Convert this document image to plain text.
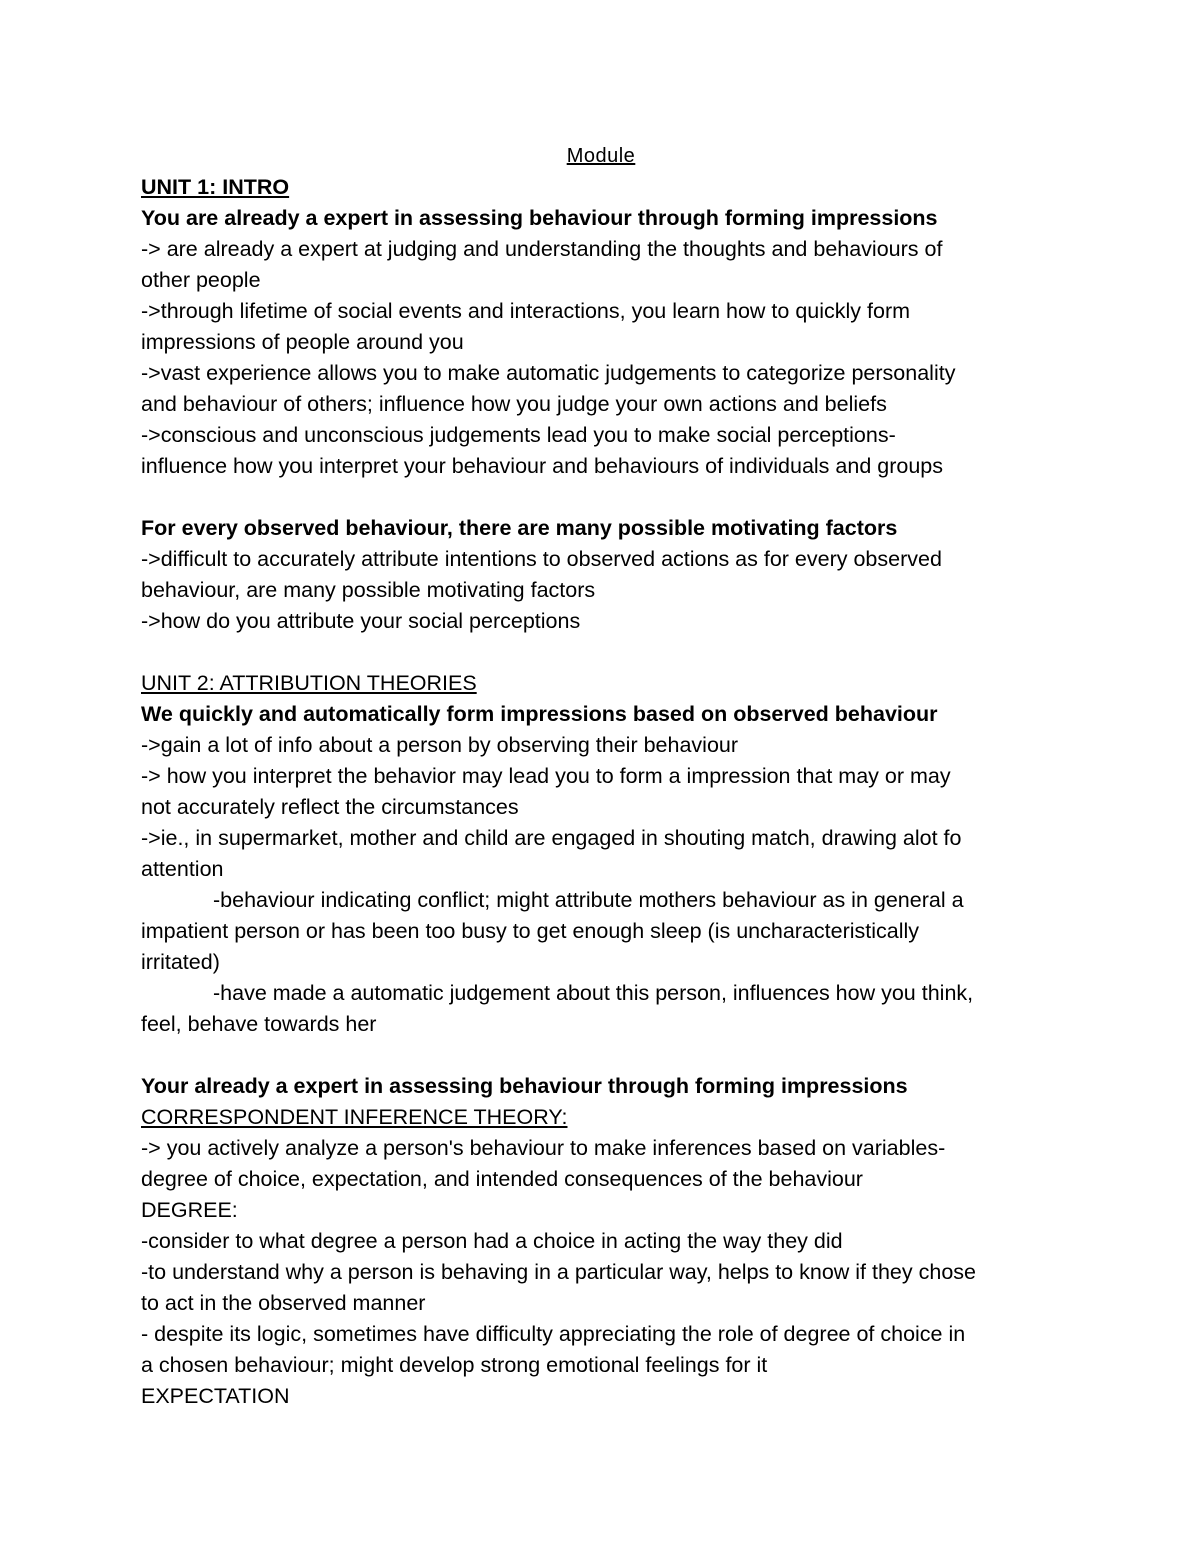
Module
UNIT 1: INTRO
You are already a expert in assessing behaviour through forming impressions
-> are already a expert at judging and understanding the thoughts and behaviours of
other people
->through lifetime of social events and interactions, you learn how to quickly form
impressions of people around you
->vast experience allows you to make automatic judgements to categorize personality
and behaviour of others; influence how you judge your own actions and beliefs
->conscious and unconscious judgements lead you to make social perceptions-
influence how you interpret your behaviour and behaviours of individuals and groups
For every observed behaviour, there are many possible motivating factors
->difficult to accurately attribute intentions to observed actions as for every observed
behaviour, are many possible motivating factors
->how do you attribute your social perceptions
UNIT 2: ATTRIBUTION THEORIES
We quickly and automatically form impressions based on observed behaviour
->gain a lot of info about a person by observing their behaviour
-> how you interpret the behavior may lead you to form a impression that may or may
not accurately reflect the circumstances
->ie., in supermarket, mother and child are engaged in shouting match, drawing alot fo
attention
-behaviour indicating conflict; might attribute mothers behaviour as in general a
impatient person or has been too busy to get enough sleep (is uncharacteristically
irritated)
-have made a automatic judgement about this person, influences how you think,
feel, behave towards her
Your already a expert in assessing behaviour through forming impressions
CORRESPONDENT INFERENCE THEORY:
-> you actively analyze a person's behaviour to make inferences based on variables-
degree of choice, expectation, and intended consequences of the behaviour
DEGREE:
-consider to what degree a person had a choice in acting the way they did
-to understand why a person is behaving in a particular way, helps to know if they chose
to act in the observed manner
- despite its logic, sometimes have difficulty appreciating the role of degree of choice in
a chosen behaviour; might develop strong emotional feelings for it
EXPECTATION
